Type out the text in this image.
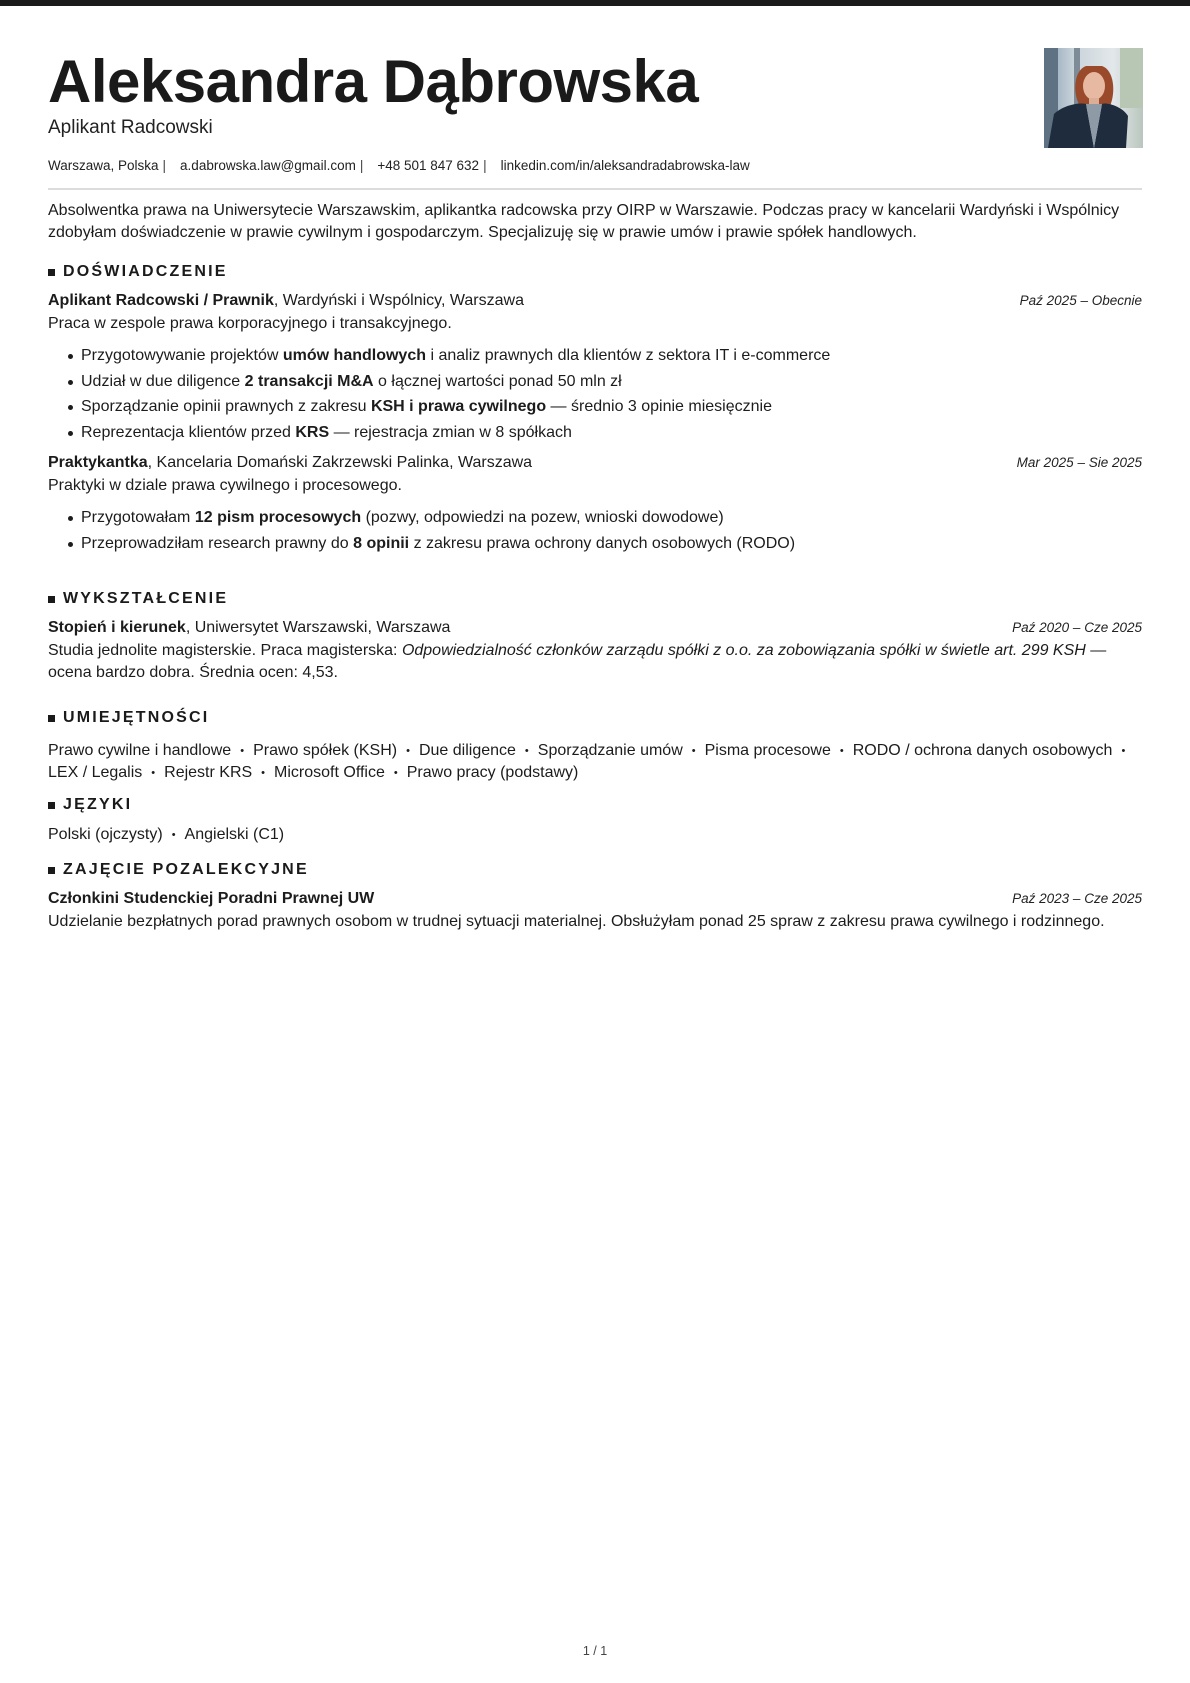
Aleksandra Dąbrowska
Aplikant Radcowski
Warszawa, Polska | a.dabrowska.law@gmail.com | +48 501 847 632 | linkedin.com/in/aleksandradabrowska-law

Absolwentka prawa na Uniwersytecie Warszawskim, aplikantka radcowska przy OIRP w Warszawie. Podczas pracy w kancelarii Wardyński i Wspólnicy zdobyłam doświadczenie w prawie cywilnym i gospodarczym. Specjalizuję się w prawie umów i prawie spółek handlowych.

DOŚWIADCZENIE
Aplikant Radcowski / Prawnik, Wardyński i Wspólnicy, Warszawa	Paź 2025 – Obecnie
Praca w zespole prawa korporacyjnego i transakcyjnego.
Przygotowywanie projektów umów handlowych i analiz prawnych dla klientów z sektora IT i e-commerce
Udział w due diligence 2 transakcji M&A o łącznej wartości ponad 50 mln zł
Sporządzanie opinii prawnych z zakresu KSH i prawa cywilnego — średnio 3 opinie miesięcznie
Reprezentacja klientów przed KRS — rejestracja zmian w 8 spółkach
Praktykantka, Kancelaria Domański Zakrzewski Palinka, Warszawa	Mar 2025 – Sie 2025
Praktyki w dziale prawa cywilnego i procesowego.
Przygotowałam 12 pism procesowych (pozwy, odpowiedzi na pozew, wnioski dowodowe)
Przeprowadziłam research prawny do 8 opinii z zakresu prawa ochrony danych osobowych (RODO)
WYKSZTAŁCENIE
Stopień i kierunek, Uniwersytet Warszawski, Warszawa	Paź 2020 – Cze 2025
Studia jednolite magisterskie. Praca magisterska: Odpowiedzialność członków zarządu spółki z o.o. za zobowiązania spółki w świetle art. 299 KSH — ocena bardzo dobra. Średnia ocen: 4,53.
UMIEJĘTNOŚCI
Prawo cywilne i handlowe • Prawo spółek (KSH) • Due diligence • Sporządzanie umów • Pisma procesowe • RODO / ochrona danych osobowych •LEX / Legalis • Rejestr KRS • Microsoft Office • Prawo pracy (podstawy)
JĘZYKI
Polski (ojczysty) • Angielski (C1)
ZAJĘCIE POZALEKCYJNE
Członkini Studenckiej Poradni Prawnej UW	Paź 2023 – Cze 2025
Udzielanie bezpłatnych porad prawnych osobom w trudnej sytuacji materialnej. Obsłużyłam ponad 25 spraw z zakresu prawa cywilnego i rodzinnego.
1 / 1
